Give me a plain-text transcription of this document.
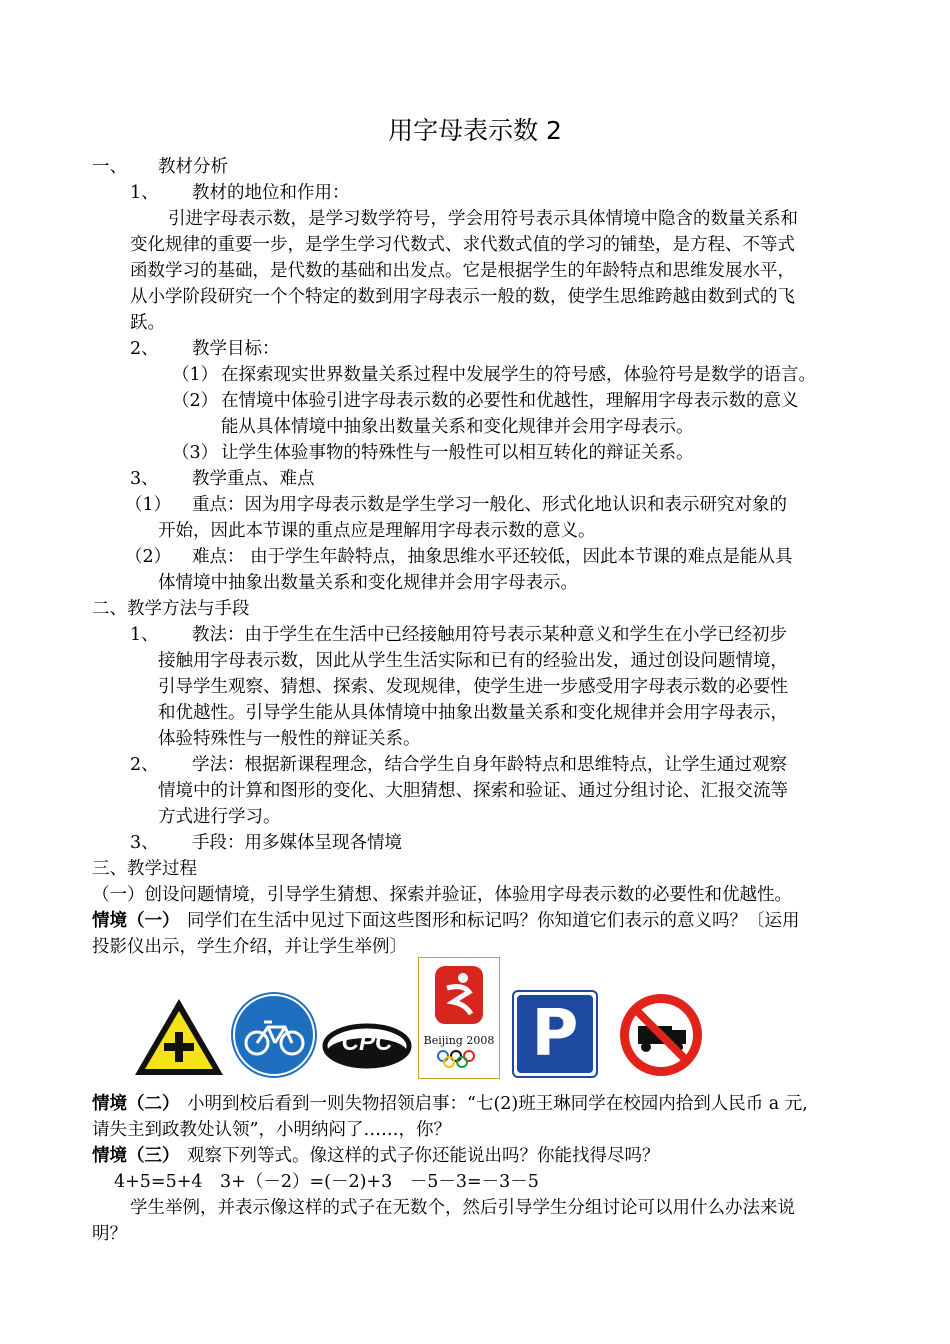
用字母表示数 2
一、 教材分析
1、 教材的地位和作用：
引进字母表示数，是学习数学符号，学会用符号表示具体情境中隐含的数量关系和
变化规律的重要一步，是学生学习代数式、求代数式值的学习的铺垫，是方程、不等式
函数学习的基础，是代数的基础和出发点。它是根据学生的年龄特点和思维发展水平，
从小学阶段研究一个个特定的数到用字母表示一般的数，使学生思维跨越由数到式的飞
跃。
2、 教学目标：
（1） 在探索现实世界数量关系过程中发展学生的符号感，体验符号是数学的语言。
（2） 在情境中体验引进字母表示数的必要性和优越性，理解用字母表示数的意义
能从具体情境中抽象出数量关系和变化规律并会用字母表示。
（3） 让学生体验事物的特殊性与一般性可以相互转化的辩证关系。
3、 教学重点、难点
（1） 重点：因为用字母表示数是学生学习一般化、形式化地认识和表示研究对象的
开始，因此本节课的重点应是理解用字母表示数的意义。
（2） 难点： 由于学生年龄特点，抽象思维水平还较低，因此本节课的难点是能从具
体情境中抽象出数量关系和变化规律并会用字母表示。
二、教学方法与手段
1、 教法：由于学生在生活中已经接触用符号表示某种意义和学生在小学已经初步
接触用字母表示数，因此从学生生活实际和已有的经验出发，通过创设问题情境，
引导学生观察、猜想、探索、发现规律，使学生进一步感受用字母表示数的必要性
和优越性。引导学生能从具体情境中抽象出数量关系和变化规律并会用字母表示，
体验特殊性与一般性的辩证关系。
2、 学法：根据新课程理念，结合学生自身年龄特点和思维特点，让学生通过观察
情境中的计算和图形的变化、大胆猜想、探索和验证、通过分组讨论、汇报交流等
方式进行学习。
3、 手段：用多媒体呈现各情境
三、教学过程
（一）创设问题情境，引导学生猜想、探索并验证，体验用字母表示数的必要性和优越性。
情境（一） 同学们在生活中见过下面这些图形和标记吗？你知道它们表示的意义吗？〔运用
投影仪出示，学生介绍，并让学生举例〕
CPC	Beijing 2008 P
情境（二） 小明到校后看到一则失物招领启事：“七(2)班王琳同学在校园内拾到人民币 a 元,
请失主到政教处认领”，小明纳闷了……，你？
情境（三） 观察下列等式。像这样的式子你还能说出吗？你能找得尽吗？
4+5=5+4　3+（－2）=(－2)+3　－5－3=－3－5
学生举例，并表示像这样的式子在无数个，然后引导学生分组讨论可以用什么办法来说
明？
